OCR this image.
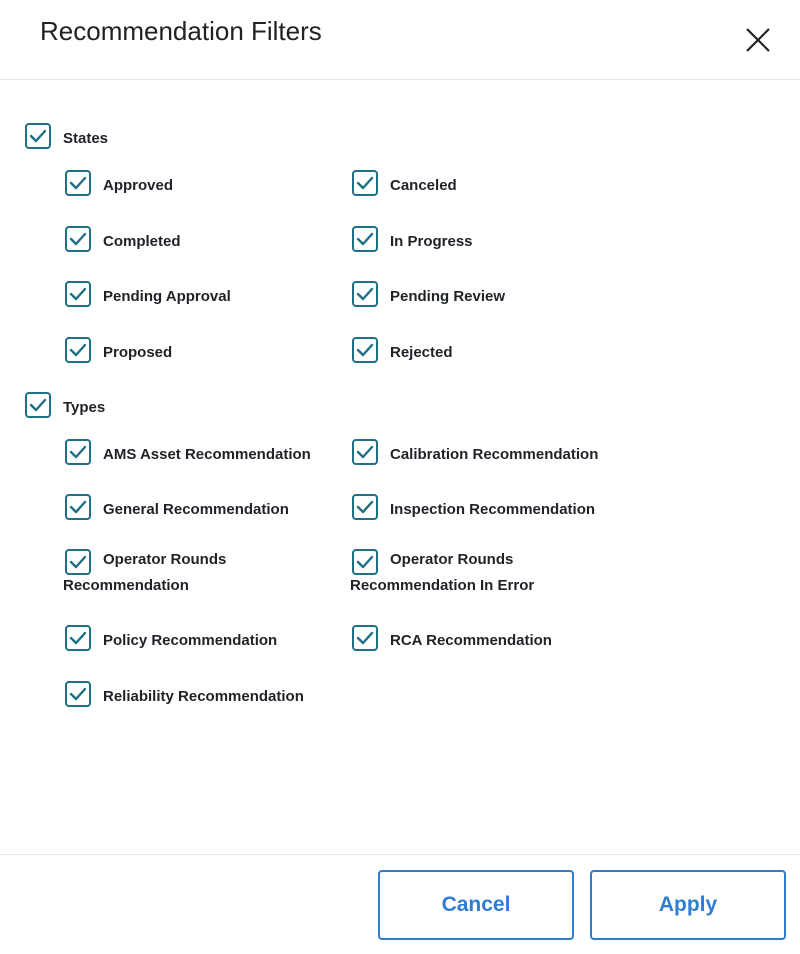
Recommendation Filters
States
Approved	Canceled
Completed	In Progress
Pending Approval	Pending Review
Proposed	Rejected
Types
AMS Asset Recommendation	Calibration Recommendation
General Recommendation	Inspection Recommendation
Operator Rounds
Recommendation
Operator Rounds
Recommendation In Error
Policy Recommendation	RCA Recommendation
Reliability Recommendation
Cancel	Apply
